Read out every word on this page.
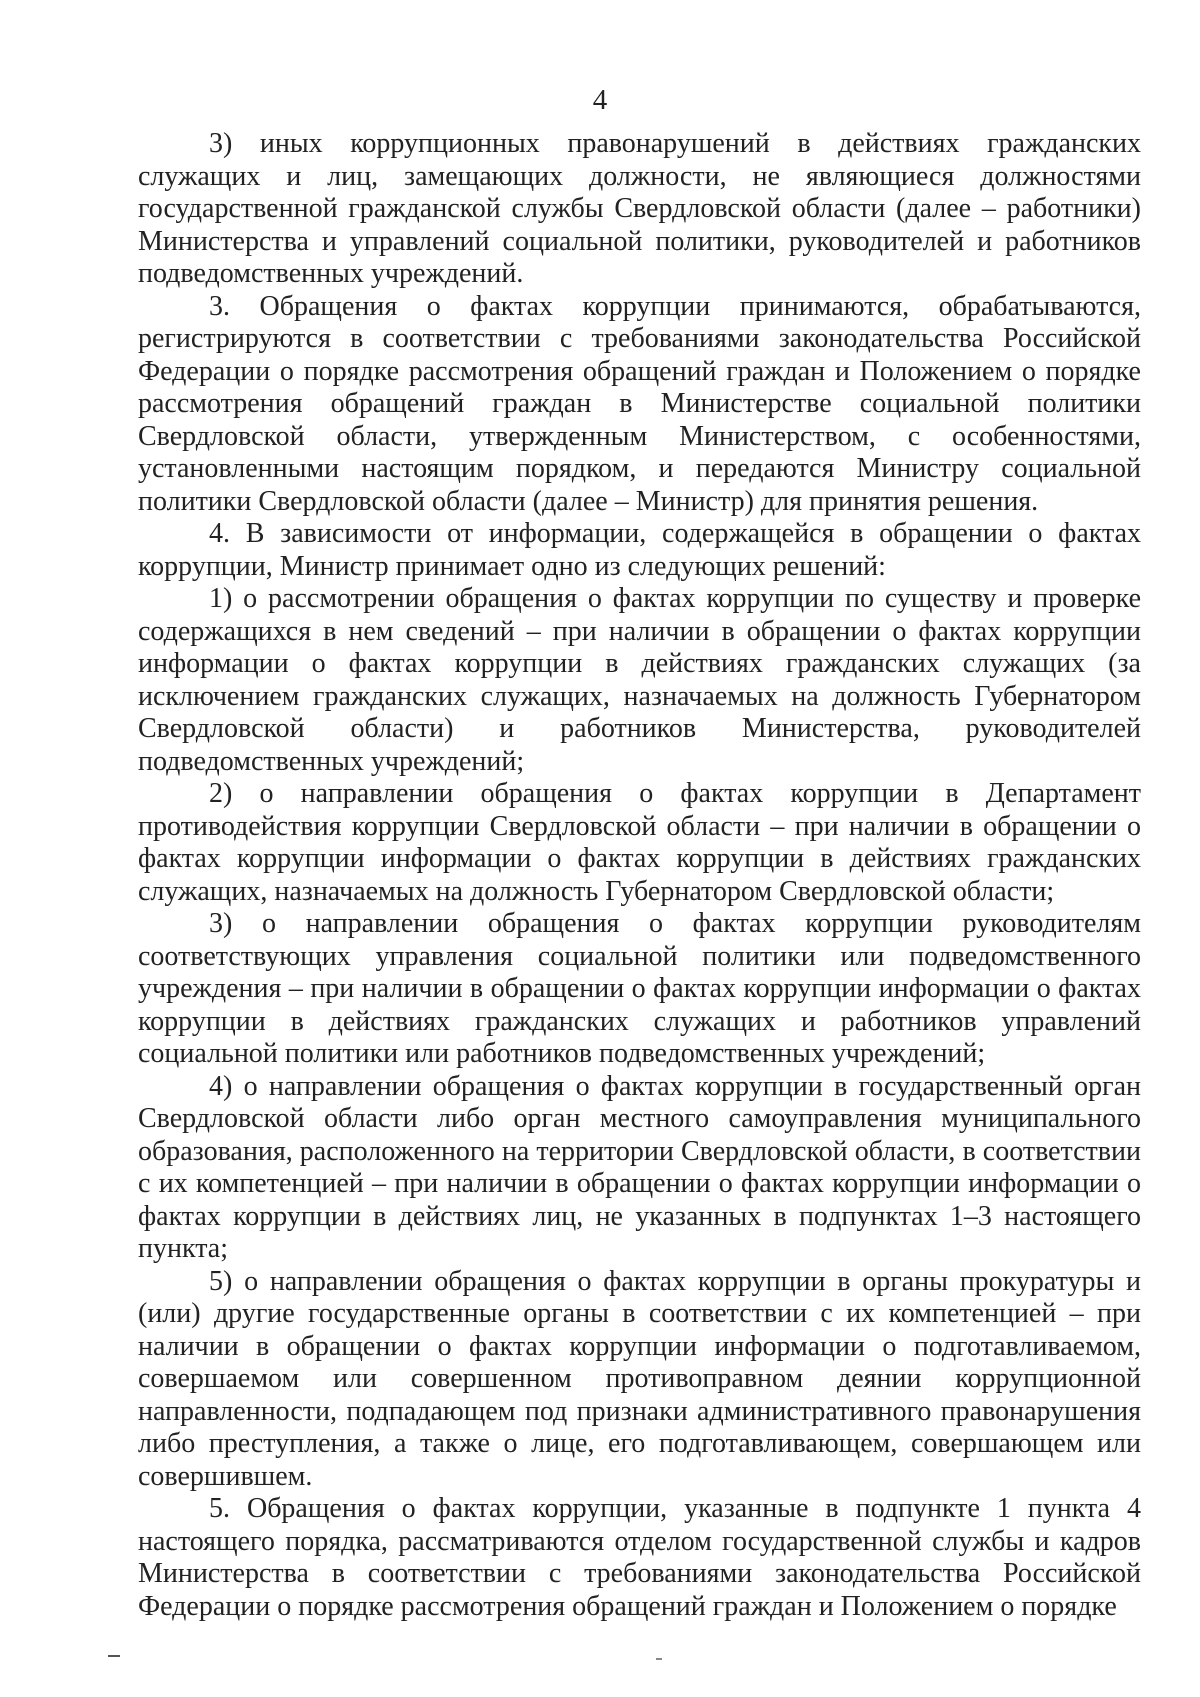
4

3) иных коррупционных правонарушений в действиях гражданских служащих и лиц, замещающих должности, не являющиеся должностями государственной гражданской службы Свердловской области (далее – работники) Министерства и управлений социальной политики, руководителей и работников подведомственных учреждений.

3. Обращения о фактах коррупции принимаются, обрабатываются, регистрируются в соответствии с требованиями законодательства Российской Федерации о порядке рассмотрения обращений граждан и Положением о порядке рассмотрения обращений граждан в Министерстве социальной политики Свердловской области, утвержденным Министерством, с особенностями, установленными настоящим порядком, и передаются Министру социальной политики Свердловской области (далее – Министр) для принятия решения.

4. В зависимости от информации, содержащейся в обращении о фактах коррупции, Министр принимает одно из следующих решений:

1) о рассмотрении обращения о фактах коррупции по существу и проверке содержащихся в нем сведений – при наличии в обращении о фактах коррупции информации о фактах коррупции в действиях гражданских служащих (за исключением гражданских служащих, назначаемых на должность Губернатором Свердловской области) и работников Министерства, руководителей подведомственных учреждений;

2) о направлении обращения о фактах коррупции в Департамент противодействия коррупции Свердловской области – при наличии в обращении о фактах коррупции информации о фактах коррупции в действиях гражданских служащих, назначаемых на должность Губернатором Свердловской области;

3) о направлении обращения о фактах коррупции руководителям соответствующих управления социальной политики или подведомственного учреждения – при наличии в обращении о фактах коррупции информации о фактах коррупции в действиях гражданских служащих и работников управлений социальной политики или работников подведомственных учреждений;

4) о направлении обращения о фактах коррупции в государственный орган Свердловской области либо орган местного самоуправления муниципального образования, расположенного на территории Свердловской области, в соответствии с их компетенцией – при наличии в обращении о фактах коррупции информации о фактах коррупции в действиях лиц, не указанных в подпунктах 1–3 настоящего пункта;

5) о направлении обращения о фактах коррупции в органы прокуратуры и (или) другие государственные органы в соответствии с их компетенцией – при наличии в обращении о фактах коррупции информации о подготавливаемом, совершаемом или совершенном противоправном деянии коррупционной направленности, подпадающем под признаки административного правонарушения либо преступления, а также о лице, его подготавливающем, совершающем или совершившем.

5. Обращения о фактах коррупции, указанные в подпункте 1 пункта 4 настоящего порядка, рассматриваются отделом государственной службы и кадров Министерства в соответствии с требованиями законодательства Российской Федерации о порядке рассмотрения обращений граждан и Положением о порядке
